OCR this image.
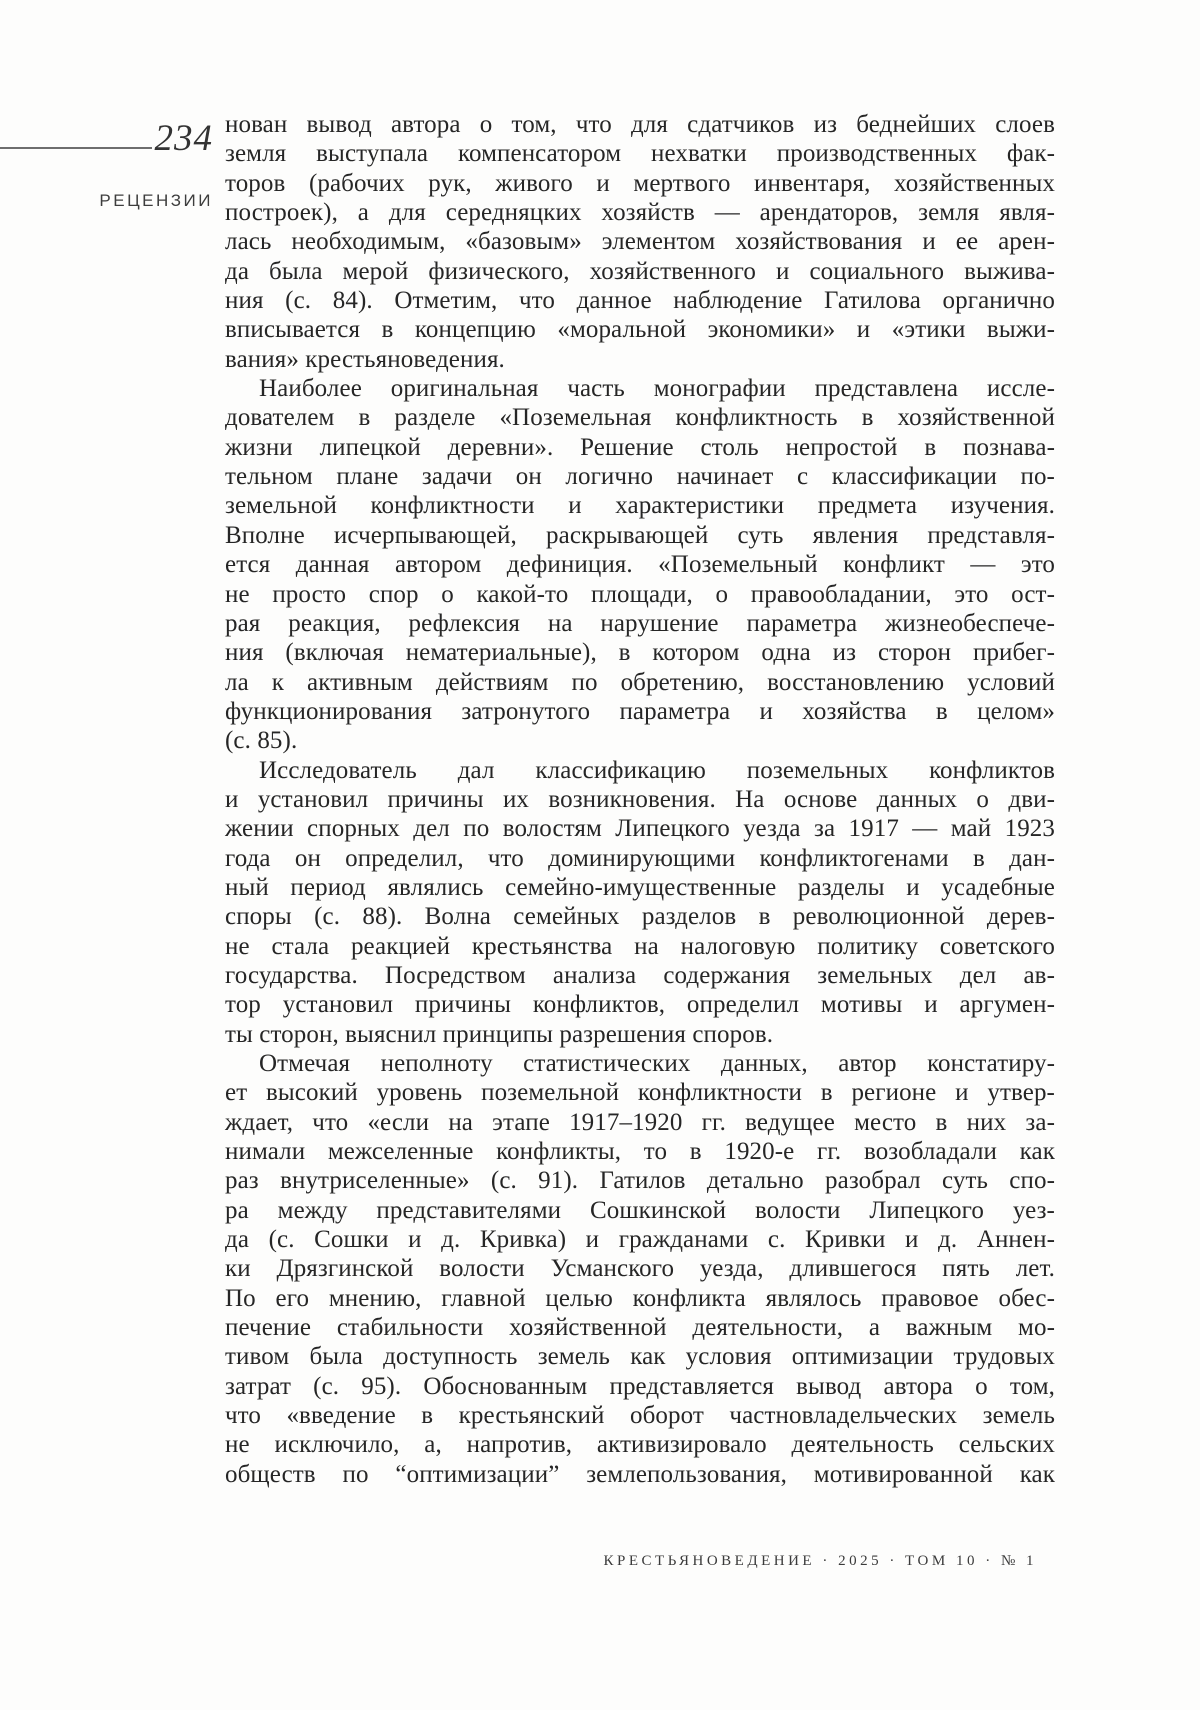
234
РЕЦЕНЗИИ
нован вывод автора о том, что для сдатчиков из беднейших слоев
земля выступала компенсатором нехватки производственных фак-
торов (рабочих рук, живого и мертвого инвентаря, хозяйственных
построек), а для середняцких хозяйств — арендаторов, земля явля-
лась необходимым, «базовым» элементом хозяйствования и ее арен-
да была мерой физического, хозяйственного и социального выжива-
ния (с. 84). Отметим, что данное наблюдение Гатилова органично
вписывается в концепцию «моральной экономики» и «этики выжи-
вания» крестьяноведения.
Наиболее оригинальная часть монографии представлена иссле-
дователем в разделе «Поземельная конфликтность в хозяйственной
жизни липецкой деревни». Решение столь непростой в познава-
тельном плане задачи он логично начинает с классификации по-
земельной конфликтности и характеристики предмета изучения.
Вполне исчерпывающей, раскрывающей суть явления представля-
ется данная автором дефиниция. «Поземельный конфликт — это
не просто спор о какой-то площади, о правообладании, это ост-
рая реакция, рефлексия на нарушение параметра жизнеобеспече-
ния (включая нематериальные), в котором одна из сторон прибег-
ла к активным действиям по обретению, восстановлению условий
функционирования затронутого параметра и хозяйства в целом»
(с. 85).
Исследователь дал классификацию поземельных конфликтов
и установил причины их возникновения. На основе данных о дви-
жении спорных дел по волостям Липецкого уезда за 1917 — май 1923
года он определил, что доминирующими конфликтогенами в дан-
ный период являлись семейно-имущественные разделы и усадебные
споры (с. 88). Волна семейных разделов в революционной дерев-
не стала реакцией крестьянства на налоговую политику советского
государства. Посредством анализа содержания земельных дел ав-
тор установил причины конфликтов, определил мотивы и аргумен-
ты сторон, выяснил принципы разрешения споров.
Отмечая неполноту статистических данных, автор констатиру-
ет высокий уровень поземельной конфликтности в регионе и утвер-
ждает, что «если на этапе 1917–1920 гг. ведущее место в них за-
нимали межселенные конфликты, то в 1920-е гг. возобладали как
раз внутриселенные» (с. 91). Гатилов детально разобрал суть спо-
ра между представителями Сошкинской волости Липецкого уез-
да (с. Сошки и д. Кривка) и гражданами с. Кривки и д. Аннен-
ки Дрязгинской волости Усманского уезда, длившегося пять лет.
По его мнению, главной целью конфликта являлось правовое обес-
печение стабильности хозяйственной деятельности, а важным мо-
тивом была доступность земель как условия оптимизации трудовых
затрат (с. 95). Обоснованным представляется вывод автора о том,
что «введение в крестьянский оборот частновладельческих земель
не исключило, а, напротив, активизировало деятельность сельских
обществ по “оптимизации” землепользования, мотивированной как
КРЕСТЬЯНОВЕДЕНИЕ · 2025 · ТОМ 10 · № 1
